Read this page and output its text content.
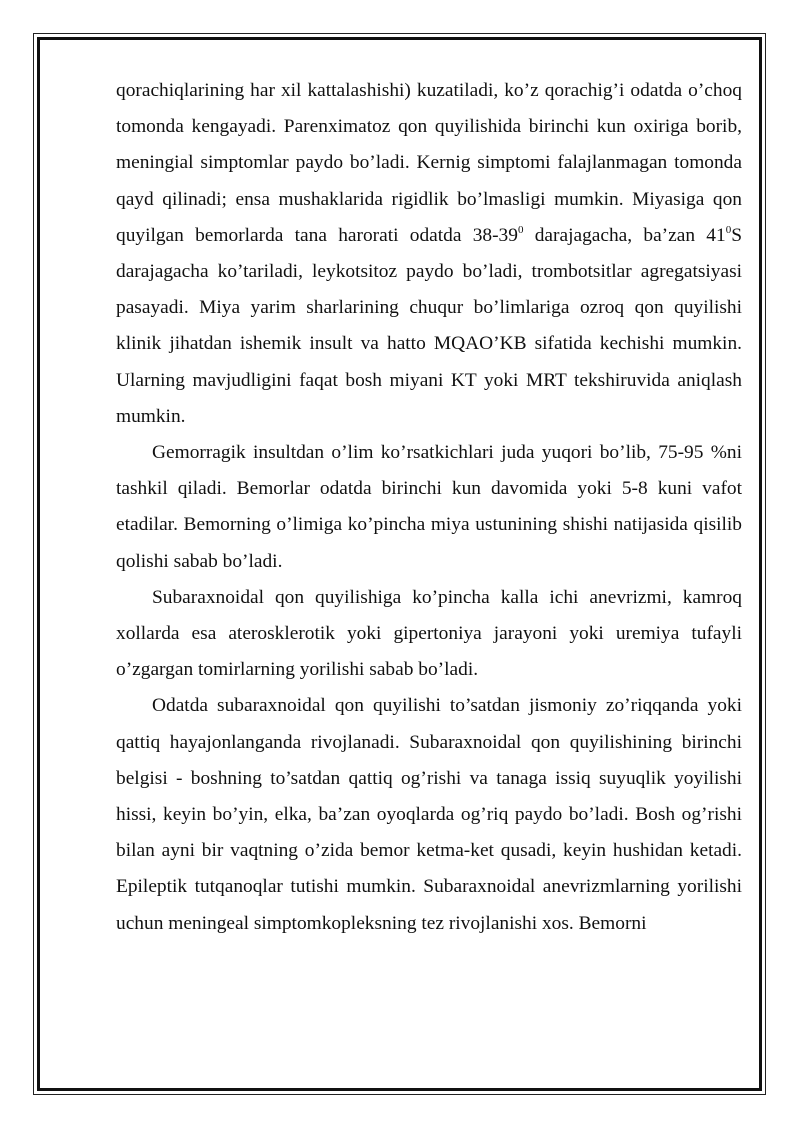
qorachiqlarining har xil kattalashishi) kuzatiladi, ko’z qorachig’i odatda o’choq tomonda kengayadi. Parenximatoz qon quyilishida birinchi kun oxiriga borib, meningial simptomlar paydo bo’ladi. Kernig simptomi falajlanmagan tomonda qayd qilinadi; ensa mushaklarida rigidlik bo’lmasligi mumkin. Miyasiga qon quyilgan bemorlarda tana harorati odatda $38-39^0$ darajagacha, ba’zan $41^0S$ darajagacha ko’tariladi, leykotsitoz paydo bo’ladi, trombotsitlar agregatsiyasi pasayadi. Miya yarim sharlarining chuqur bo’limlariga ozroq qon quyilishi klinik jihatdan ishemik insult va hatto MQAO’KB sifatida kechishi mumkin. Ularning mavjudligini faqat bosh miyani KT yoki MRT tekshiruvida aniqlash mumkin.

Gemorragik insultdan o’lim ko’rsatkichlari juda yuqori bo’lib, 75-95 %ni tashkil qiladi. Bemorlar odatda birinchi kun davomida yoki 5-8 kuni vafot etadilar. Bemorning o’limiga ko’pincha miya ustunining shishi natijasida qisilib qolishi sabab bo’ladi.

Subaraxnoidal qon quyilishiga ko’pincha kalla ichi anevrizmi, kamroq xollarda esa aterosklerotik yoki gipertoniya jarayoni yoki uremiya tufayli o’zgargan tomirlarning yorilishi sabab bo’ladi.

Odatda subaraxnoidal qon quyilishi to’satdan jismoniy zo’riqqanda yoki qattiq hayajonlanganda rivojlanadi. Subaraxnoidal qon quyilishining birinchi belgisi - boshning to’satdan qattiq og’rishi va tanaga issiq suyuqlik yoyilishi hissi, keyin bo’yin, elka, ba’zan oyoqlarda og’riq paydo bo’ladi. Bosh og’rishi bilan ayni bir vaqtning o’zida bemor ketma-ket qusadi, keyin hushidan ketadi. Epileptik tutqanoqlar tutishi mumkin. Subaraxnoidal anevrizmlarning yorilishi uchun meningeal simptomkopleksning tez rivojlanishi xos. Bemorni
